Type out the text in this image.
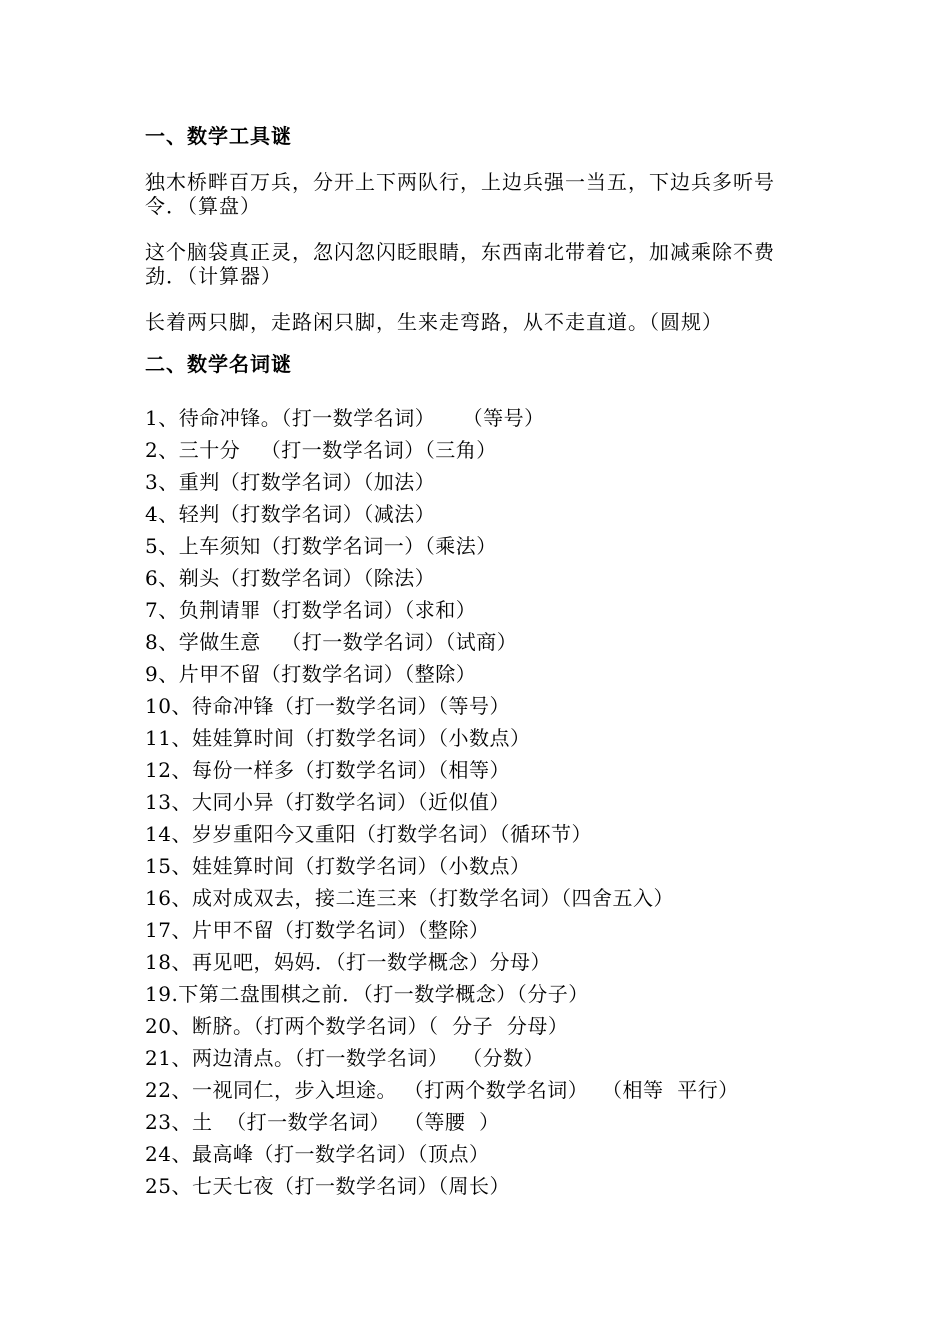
一、数学工具谜

独木桥畔百万兵，分开上下两队行，上边兵强一当五，下边兵多听号令．（算盘）

这个脑袋真正灵，忽闪忽闪眨眼睛，东西南北带着它，加减乘除不费劲．（计算器）

长着两只脚，走路闲只脚，生来走弯路，从不走直道。（圆规）

二、数学名词谜
1、待命冲锋。（打一数学名词）    （等号）
2、三十分   （打一数学名词）（三角）
3、重判（打数学名词）（加法）
4、轻判（打数学名词）（减法）
5、上车须知（打数学名词一）（乘法）
6、剃头（打数学名词）（除法）
7、负荆请罪（打数学名词）（求和）
8、学做生意   （打一数学名词）（试商）
9、片甲不留（打数学名词）（整除）
10、待命冲锋（打一数学名词）（等号）
11、娃娃算时间（打数学名词）（小数点）
12、每份一样多（打数学名词）（相等）
13、大同小异（打数学名词）（近似值）
14、岁岁重阳今又重阳（打数学名词）（循环节）
15、娃娃算时间（打数学名词）（小数点）
16、成对成双去，接二连三来（打数学名词）（四舍五入）
17、片甲不留（打数学名词）（整除）
18、再见吧，妈妈．（打一数学概念）分母）
19.下第二盘围棋之前．（打一数学概念）（分子）
20、断脐。（打两个数学名词）（  分子  分母）
21、两边清点。（打一数学名词）  （分数）
22、一视同仁，步入坦途。 （打两个数学名词）  （相等  平行）
23、土  （打一数学名词）  （等腰  ）
24、最高峰（打一数学名词）（顶点）
25、七天七夜（打一数学名词）（周长）
